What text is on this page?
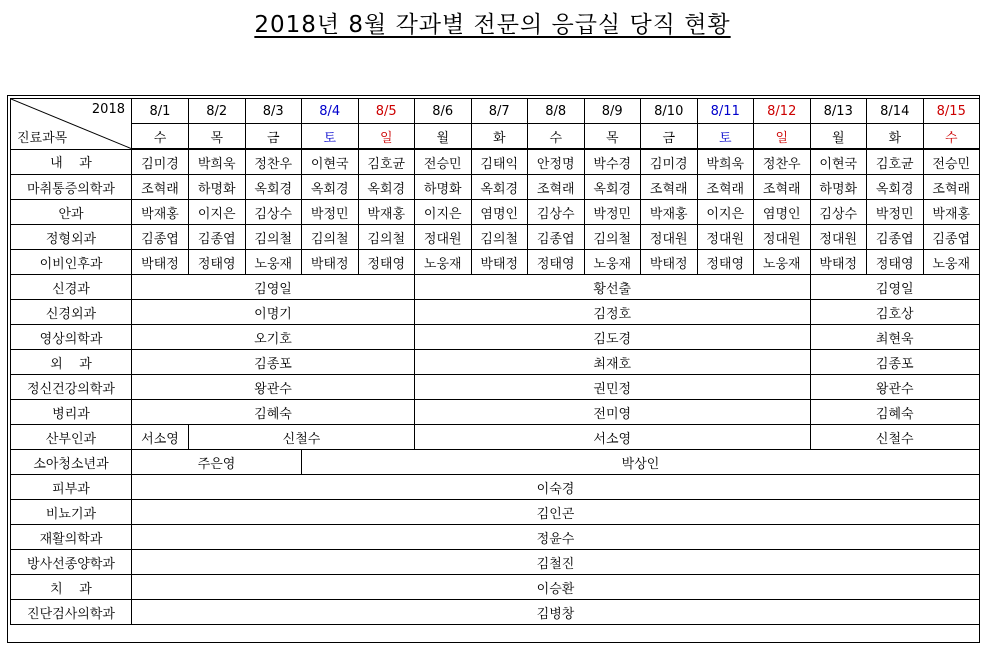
2018년 8월 각과별 전문의 응급실 당직 현황
2018
진료과목	8/1	8/2	8/3	8/4	8/5	8/6	8/7	8/8	8/9	8/10	8/11	8/12	8/13	8/14	8/15
	수	목	금	토	일	월	화	수	목	금	토	일	월	화	수
내    과	김미경	박희욱	정찬우	이현국	김호균	전승민	김태익	안정명	박수경	김미경	박희욱	정찬우	이현국	김호균	전승민
마취통증의학과	조혁래	하명화	옥회경	옥회경	옥회경	하명화	옥회경	조혁래	옥회경	조혁래	조혁래	조혁래	하명화	옥회경	조혁래
안과	박재홍	이지은	김상수	박정민	박재홍	이지은	염명인	김상수	박정민	박재홍	이지은	염명인	김상수	박정민	박재홍
정형외과	김종엽	김종엽	김의철	김의철	김의철	정대원	김의철	김종엽	김의철	정대원	정대원	정대원	정대원	김종엽	김종엽
이비인후과	박태정	정태영	노웅재	박태정	정태영	노웅재	박태정	정태영	노웅재	박태정	정태영	노웅재	박태정	정태영	노웅재
신경과	김영일					황선출							김영일		
신경외과	이명기					김정호							김호상		
영상의학과	오기호					김도경							최현욱		
외    과	김종포					최재호							김종포		
정신건강의학과	왕관수					권민정							왕관수		
병리과	김혜숙					전미영							김혜숙		
산부인과	서소영	신철수				서소영							신철수		
소아청소년과	주은영			박상인											
피부과	이숙경														
비뇨기과	김인곤														
재활의학과	정윤수														
방사선종양학과	김철진														
치    과	이승환														
진단검사의학과	김병창														
